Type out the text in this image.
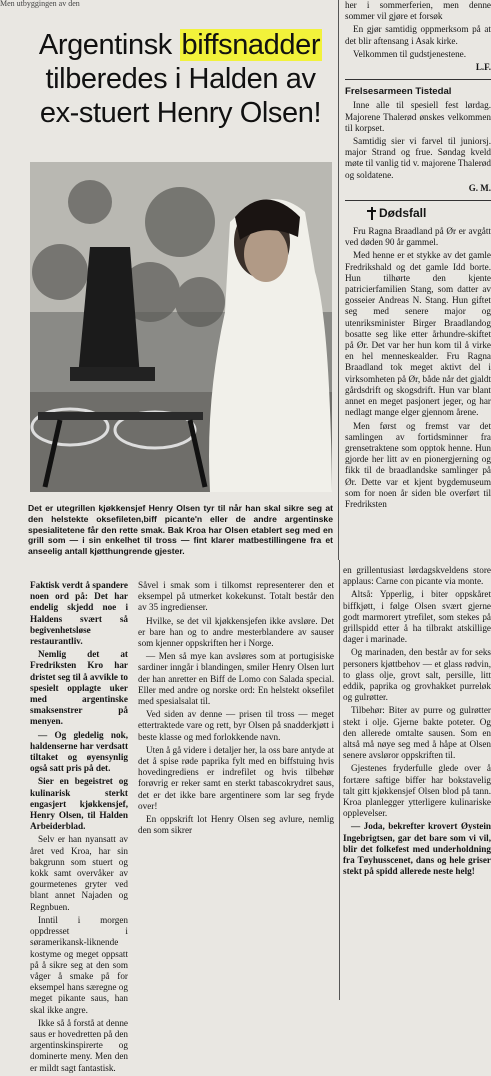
Men utbyggingen av den
Argentinsk biffsnadder tilberedes i Halden av ex-stuert Henry Olsen!
Det er utegrillen kjøkkensjef Henry Olsen tyr til når han skal sikre seg at den helstekte oksefileten,biff picante'n eller de andre argentinske spesialitetene får den rette smak. Bak Kroa har Olsen etablert seg med en grill som — i sin enkelhet til tross — fint klarer matbestillingene fra et anseelig antall kjøtthungrende gjester.

Faktisk verdt å spandere noen ord på: Det har endelig skjedd noe i Haldens svært så begivenhetsløse restaurantliv.

Nemlig det at Fredriksten Kro har dristet seg til å avvikle to spesielt opplagte uker med argentinske smaksenstrer på menyen.

— Og gledelig nok, haldenserne har verdsatt tiltaket og øyensynlig også satt pris på det.

Sier en begeistret og kulinarisk sterkt engasjert kjøkkensjef, Henry Olsen, til Halden Arbeiderblad.

Selv er han nyansatt av året ved Kroa, har sin bakgrunn som stuert og kokk samt overvåker av gourmetenes gryter ved blant annet Najaden og Regnbuen.

Inntil i morgen oppdresset i søramerikansk-liknende kostyme og meget oppsatt på å sikre seg at den som våger å smake på for eksempel hans særegne og meget pikante saus, han skal ikke angre.

Ikke så å forstå at denne saus er hovedretten på den argentinskinspirerte og dominerte meny. Men den er mildt sagt fantastisk.

Såvel i smak som i tilkomst representerer den et eksempel på utmerket kokekunst. Totalt består den av 35 ingredienser.

Hvilke, se det vil kjøkkensjefen ikke avsløre. Det er bare han og to andre mesterblandere av sauser som kjenner oppskriften her i Norge.

— Men så mye kan avsløres som at portugisiske sardiner inngår i blandingen, smiler Henry Olsen lurt der han anretter en Biff de Lomo con Salada special. Eller med andre og norske ord: En helstekt oksefilet med spesialsalat til.

Ved siden av denne — prisen til tross — meget ettertraktede vare og rett, byr Olsen på snadderkjøtt i beste klasse og med forlokkende navn.

Uten å gå videre i detaljer her, la oss bare antyde at det å spise røde paprika fylt med en biffstuing hvis hovedingrediens er indrefilet og hvis tilbehør forøvrig er reker samt en sterkt tabascokrydret saus, det er det ikke bare argentinere som lar seg fryde over!

En oppskrift lot Henry Olsen seg avlure, nemlig den som sikrer

en grillentusiast lørdagskveldens store applaus: Carne con picante via monte.

Altså: Ypperlig, i biter oppskåret biffkjøtt, i følge Olsen svært gjerne godt marmorert ytrefilet, som stekes på grillspidd etter å ha tilbrakt atskillige dager i marinade.

Og marinaden, den består av for seks personers kjøttbehov — et glass rødvin, to glass olje, grovt salt, persille, litt eddik, paprika og grovhakket purreløk og gulrøtter.

Tilbehør: Biter av purre og gulrøtter stekt i olje. Gjerne bakte poteter. Og den allerede omtalte sausen. Som en altså må nøye seg med å håpe at Olsen senere avsløror oppskriften til.

Gjestenes fryderfulle glede over å fortære saftige biffer har bokstavelig talt gitt kjøkkensjef Olsen blod på tann. Kroa planlegger ytterligere kulinariske opplevelser.

— Joda, bekrefter krovert Øystein Ingebrigtsen, gar det bare som vi vil, blir det folkefest med underholdning fra Tøyhusscenet, dans og hele griser stekt på spidd allerede neste helg!

her i sommerferien, men denne sommer vil gjøre et forsøk

En gjør samtidig oppmerksom på at det blir aftensang i Asak kirke.

Velkommen til gudstjenestene.

L.F.
Frelsesarmeen Tistedal

Inne alle til spesiell fest lørdag. Majorene Thalerød ønskes velkommen til korpset.

Samtidig sier vi farvel til juniorsj. major Strand og frue. Søndag kveld møte til vanlig tid v. majorene Thalerød og soldatene.

G. M.
Dødsfall

Fru Ragna Braadland på Ør er avgått ved døden 90 år gammel.

Med henne er et stykke av det gamle Fredrikshald og det gamle Idd borte. Hun tilhørte den kjente patricierfamilien Stang, som datter av gosseier Andreas N. Stang. Hun giftet seg med senere major og utenriksminister Birger Braadlandog bosatte seg like etter århundre-skiftet på Ør. Det var her hun kom til å virke en hel menneskealder. Fru Ragna Braadland tok meget aktivt del i virksomheten på Ør, både når det gjaldt gårdsdrift og skogsdrift. Hun var blant annet en meget pasjonert jeger, og har nedlagt mange elger gjennom årene.

Men først og fremst var det samlingen av fortidsminner fra grensetraktene som opptok henne. Hun gjorde her litt av en pionergjerning og fikk til de braadlandske samlinger på Ør. Dette var et kjent bygdemuseum som for noen år siden ble overført til Fredriksten
